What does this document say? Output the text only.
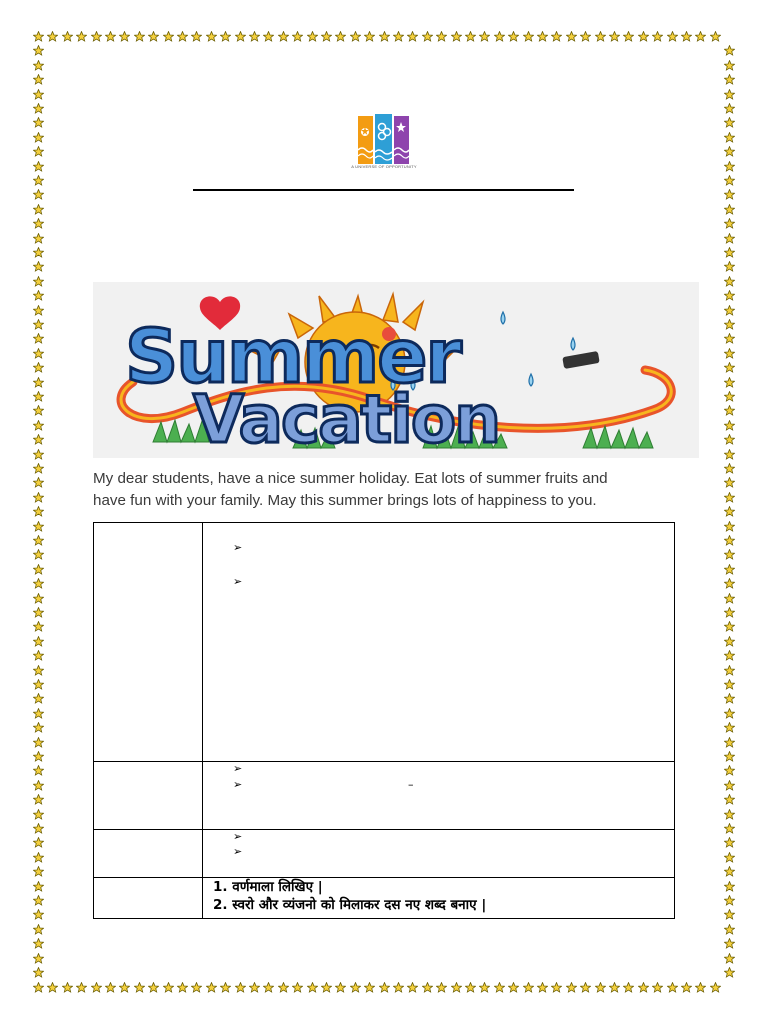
A UNIVERSE OF OPPORTUNITY
Summer
Vacation

My dear students, have a nice summer holiday. Eat lots of summer fruits and

have fun with your family. May this summer brings lots of happiness to you.

	➢
➢

	➢
➢ –

	➢
➢

	1. वर्णमाला लिखिए |

2. स्वरो और व्यंजनो को मिलाकर दस नए शब्द बनाए |
